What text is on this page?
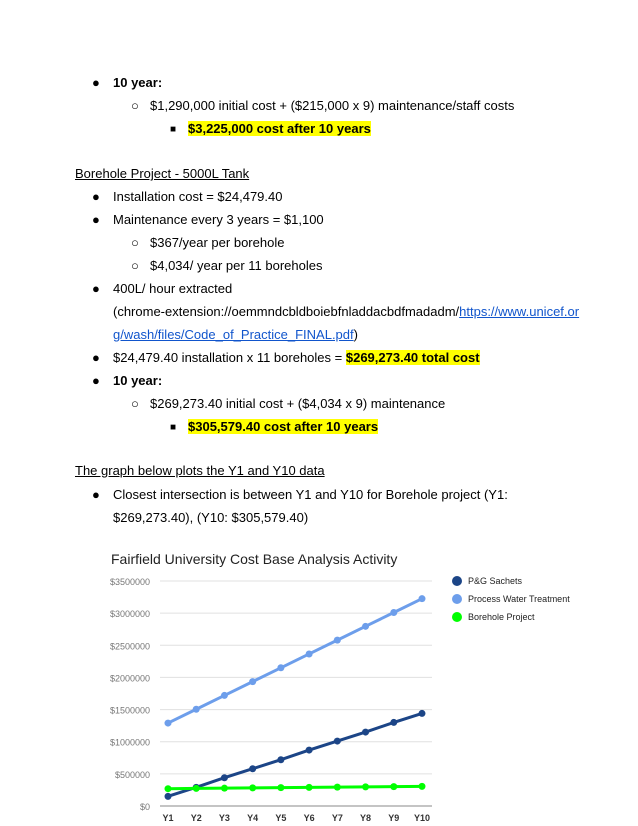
● 10 year:
○ $1,290,000 initial cost + ($215,000 x 9) maintenance/staff costs
■ $3,225,000 cost after 10 years
Borehole Project - 5000L Tank
● Installation cost = $24,479.40
● Maintenance every 3 years = $1,100
○ $367/year per borehole
○ $4,034/ year per 11 boreholes
● 400L/ hour extracted
(chrome-extension://oemmndcbldboiebfnladdacbdfmadadm/https://www.unicef.or
g/wash/files/Code_of_Practice_FINAL.pdf)
● $24,479.40 installation x 11 boreholes = $269,273.40 total cost
● 10 year:
○ $269,273.40 initial cost + ($4,034 x 9) maintenance
■ $305,579.40 cost after 10 years
The graph below plots the Y1 and Y10 data
● Closest intersection is between Y1 and Y10 for Borehole project (Y1:
$269,273.40), (Y10: $305,579.40)
Fairfield University Cost Base Analysis Activity
$0
$500000
$1000000
$1500000
$2000000
$2500000
$3000000
$3500000
Y1 Y2 Y3 Y4 Y5 Y6 Y7 Y8 Y9 Y10
P&G Sachets
Process Water Treatment
Borehole Project
